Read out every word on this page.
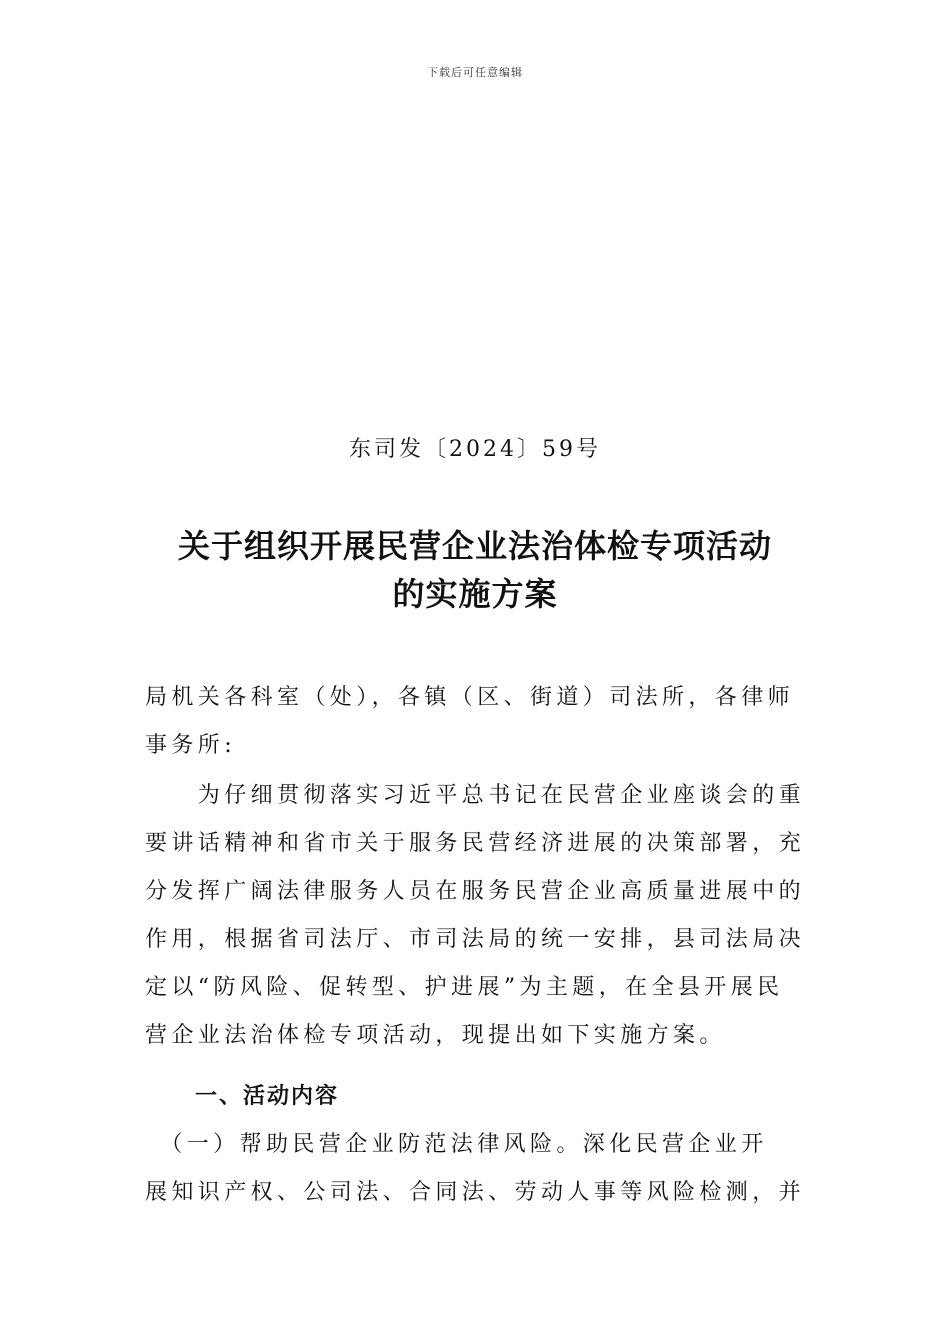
下载后可任意编辑
东司发〔2024〕59号
关于组织开展民营企业法治体检专项活动
的实施方案
局机关各科室（处），各镇（区、街道）司法所，各律师
事务所:
　　为仔细贯彻落实习近平总书记在民营企业座谈会的重
要讲话精神和省市关于服务民营经济进展的决策部署，充
分发挥广阔法律服务人员在服务民营企业高质量进展中的
作用，根据省司法厅、市司法局的统一安排，县司法局决
定以“防风险、促转型、护进展”为主题，在全县开展民
营企业法治体检专项活动，现提出如下实施方案。
一、活动内容
　（一）帮助民营企业防范法律风险。深化民营企业开
展知识产权、公司法、合同法、劳动人事等风险检测，并
